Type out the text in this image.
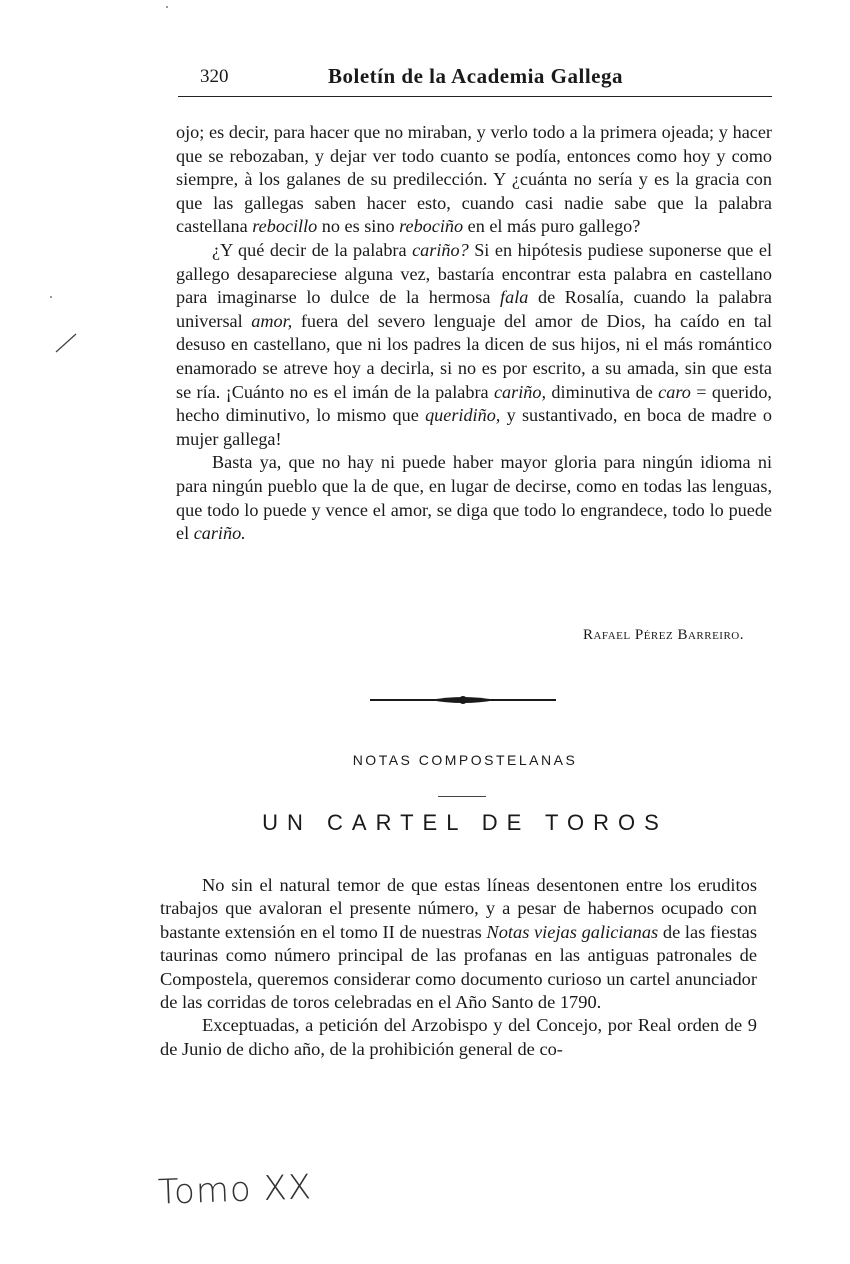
320	Boletín de la Academia Gallega

ojo; es decir, para hacer que no miraban, y verlo todo a la primera ojeada; y hacer que se rebozaban, y dejar ver todo cuanto se podía, entonces como hoy y como siempre, à los galanes de su predilección. Y ¿cuánta no sería y es la gracia con que las gallegas saben hacer esto, cuando casi nadie sabe que la palabra castellana rebocillo no es sino rebociño en el más puro gallego?

¿Y qué decir de la palabra cariño? Si en hipótesis pudiese suponerse que el gallego desapareciese alguna vez, bastaría encontrar esta palabra en castellano para imaginarse lo dulce de la hermosa fala de Rosalía, cuando la palabra universal amor, fuera del severo lenguaje del amor de Dios, ha caído en tal desuso en castellano, que ni los padres la dicen de sus hijos, ni el más romántico enamorado se atreve hoy a decirla, si no es por escrito, a su amada, sin que esta se ría. ¡Cuánto no es el imán de la palabra cariño, diminutiva de caro = querido, hecho diminutivo, lo mismo que queridiño, y sustantivado, en boca de madre o mujer gallega!

Basta ya, que no hay ni puede haber mayor gloria para ningún idioma ni para ningún pueblo que la de que, en lugar de decirse, como en todas las lenguas, que todo lo puede y vence el amor, se diga que todo lo engrandece, todo lo puede el cariño.

Rafael Pérez Barreiro.
NOTAS COMPOSTELANAS
UN CARTEL DE TOROS

No sin el natural temor de que estas líneas desentonen entre los eruditos trabajos que avaloran el presente número, y a pesar de habernos ocupado con bastante extensión en el tomo II de nuestras Notas viejas galicianas de las fiestas taurinas como número principal de las profanas en las antiguas patronales de Compostela, queremos considerar como documento curioso un cartel anunciador de las corridas de toros celebradas en el Año Santo de 1790.

Exceptuadas, a petición del Arzobispo y del Concejo, por Real orden de 9 de Junio de dicho año, de la prohibición general de co-

Tomo XX
